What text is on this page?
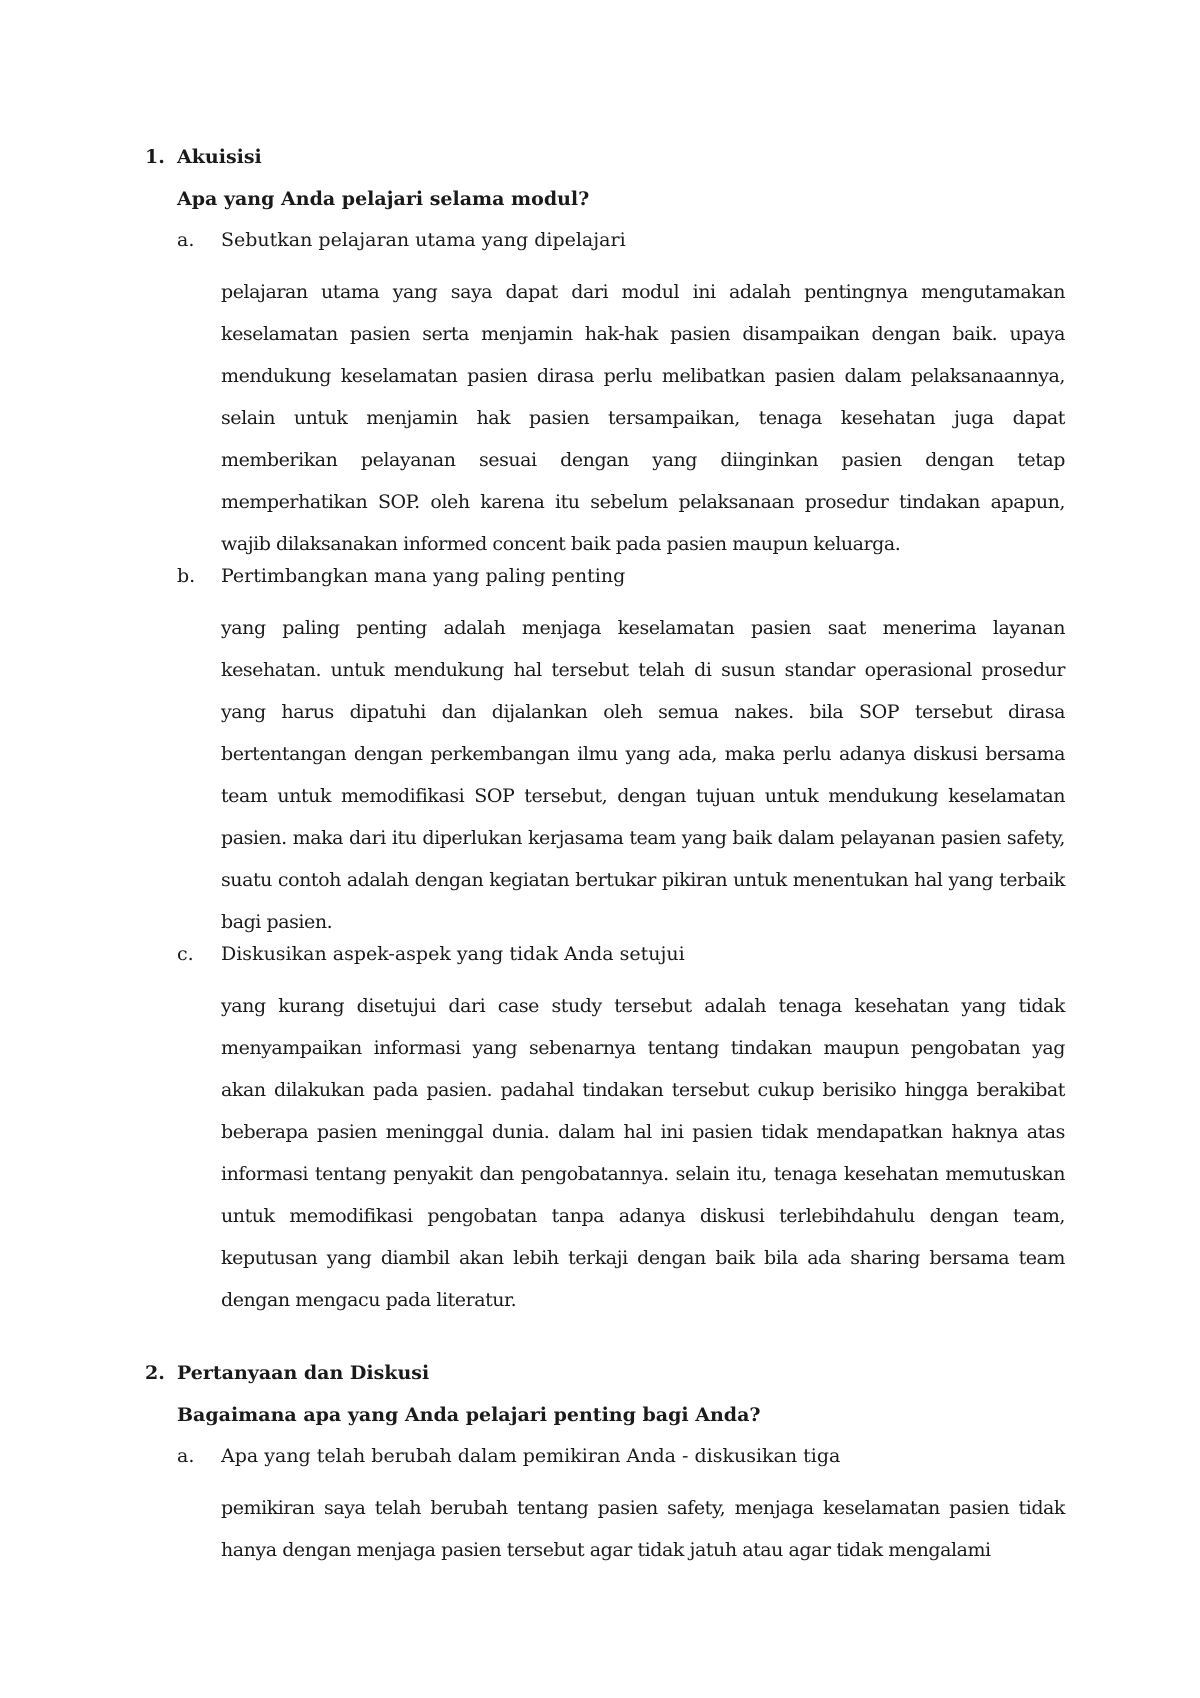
1. Akuisisi
Apa yang Anda pelajari selama modul?
a.	Sebutkan pelajaran utama yang dipelajari
pelajaran utama yang saya dapat dari modul ini adalah pentingnya mengutamakan keselamatan pasien serta menjamin hak-hak pasien disampaikan dengan baik. upaya mendukung keselamatan pasien dirasa perlu melibatkan pasien dalam pelaksanaannya, selain untuk menjamin hak pasien tersampaikan, tenaga kesehatan juga dapat memberikan pelayanan sesuai dengan yang diinginkan pasien dengan tetap memperhatikan SOP. oleh karena itu sebelum pelaksanaan prosedur tindakan apapun, wajib dilaksanakan informed concent baik pada pasien maupun keluarga.
b.	Pertimbangkan mana yang paling penting
yang paling penting adalah menjaga keselamatan pasien saat menerima layanan kesehatan. untuk mendukung hal tersebut telah di susun standar operasional prosedur yang harus dipatuhi dan dijalankan oleh semua nakes. bila SOP tersebut dirasa bertentangan dengan perkembangan ilmu yang ada, maka perlu adanya diskusi bersama team untuk memodifikasi SOP tersebut, dengan tujuan untuk mendukung keselamatan pasien. maka dari itu diperlukan kerjasama team yang baik dalam pelayanan pasien safety, suatu contoh adalah dengan kegiatan bertukar pikiran untuk menentukan hal yang terbaik bagi pasien.
c.	Diskusikan aspek-aspek yang tidak Anda setujui
yang kurang disetujui dari case study tersebut adalah tenaga kesehatan yang tidak menyampaikan informasi yang sebenarnya tentang tindakan maupun pengobatan yag akan dilakukan pada pasien. padahal tindakan tersebut cukup berisiko hingga berakibat beberapa pasien meninggal dunia. dalam hal ini pasien tidak mendapatkan haknya atas informasi tentang penyakit dan pengobatannya. selain itu, tenaga kesehatan memutuskan untuk memodifikasi pengobatan tanpa adanya diskusi terlebihdahulu dengan team, keputusan yang diambil akan lebih terkaji dengan baik bila ada sharing bersama team dengan mengacu pada literatur.
2. Pertanyaan dan Diskusi
Bagaimana apa yang Anda pelajari penting bagi Anda?
a.	Apa yang telah berubah dalam pemikiran Anda - diskusikan tiga
pemikiran saya telah berubah tentang pasien safety, menjaga keselamatan pasien tidak hanya dengan menjaga pasien tersebut agar tidak jatuh atau agar tidak mengalami
